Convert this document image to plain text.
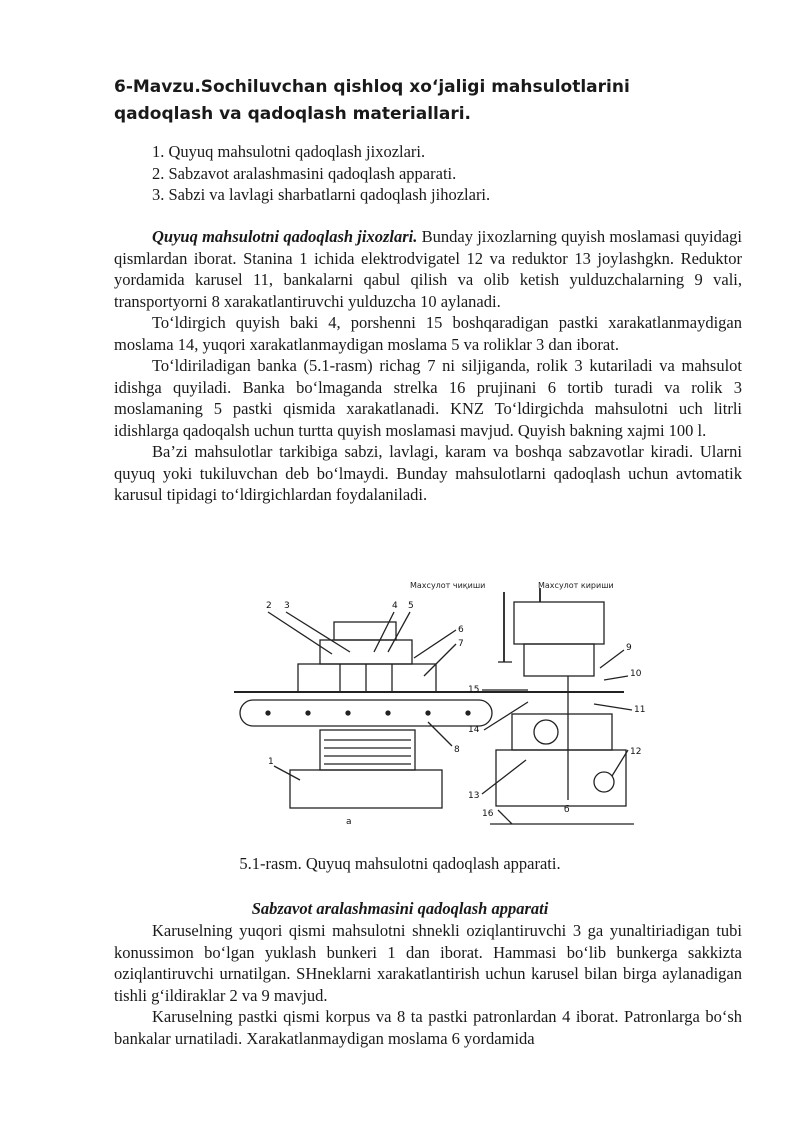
6-Mavzu.Sochiluvchan qishloq xo‘jaligi mahsulotlarini qadoqlash va qadoqlash materiallari.
1. Quyuq mahsulotni qadoqlash jixozlari.
2. Sabzavot aralashmasini qadoqlash apparati.
3. Sabzi va lavlagi sharbatlarni qadoqlash jihozlari.

Quyuq mahsulotni qadoqlash jixozlari. Bunday jixozlarning quyish moslamasi quyidagi qismlardan iborat. Stanina 1 ichida elektrodvigatel 12 va reduktor 13 joylashgkn. Reduktor yordamida karusel 11, bankalarni qabul qilish va olib ketish yulduzchalarning 9 vali, transportyorni 8 xarakatlantiruvchi yulduzcha 10 aylanadi.

To‘ldirgich quyish baki 4, porshenni 15 boshqaradigan pastki xarakatlanmaydigan moslama 14, yuqori xarakatlanmaydigan moslama 5 va roliklar 3 dan iborat.

To‘ldiriladigan banka (5.1-rasm) richag 7 ni siljiganda, rolik 3 kutariladi va mahsulot idishga quyiladi. Banka bo‘lmaganda strelka 16 prujinani 6 tortib turadi va rolik 3 moslamaning 5 pastki qismida xarakatlanadi. KNZ To‘ldirgichda mahsulotni uch litrli idishlarga qadoqalsh uchun turtta quyish moslamasi mavjud. Quyish bakning xajmi 100 l.

Ba’zi mahsulotlar tarkibiga sabzi, lavlagi, karam va boshqa sabzavotlar kiradi. Ularni quyuq yoki tukiluvchan deb bo‘lmaydi. Bunday mahsulotlarni qadoqlash uchun avtomatik karusul tipidagi to‘ldirgichlardan foydalaniladi.

Махсулот чиқиши	Махсулот кириши
а
б
1
2 3	4 5
6
7
8
9
10
11
12
13
14
15
16

5.1-rasm. Quyuq mahsulotni qadoqlash apparati.

Sabzavot aralashmasini qadoqlash apparati

Karuselning yuqori qismi mahsulotni shnekli oziqlantiruvchi 3 ga yunaltiriadigan tubi konussimon bo‘lgan yuklash bunkeri 1 dan iborat. Hammasi bo‘lib bunkerga sakkizta oziqlantiruvchi urnatilgan. SHneklarni xarakatlantirish uchun karusel bilan birga aylanadigan tishli g‘ildiraklar 2 va 9 mavjud.

Karuselning pastki qismi korpus va 8 ta pastki patronlardan 4 iborat. Patronlarga bo‘sh bankalar urnatiladi. Xarakatlanmaydigan moslama 6 yordamida
